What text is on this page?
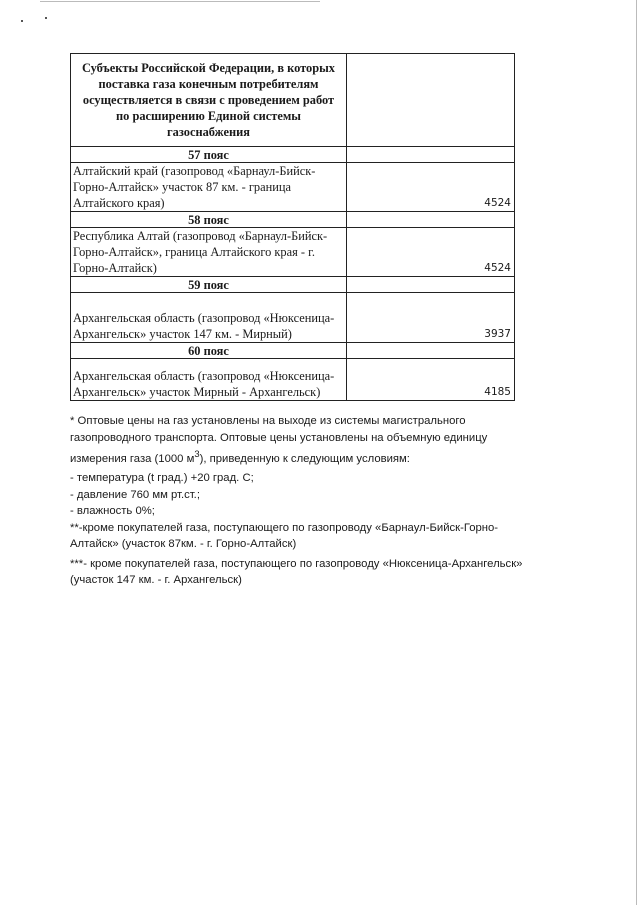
Субъекты Российской Федерации, в которых поставка газа конечным потребителям осуществляется в связи с проведением работ по расширению Единой системы газоснабжения	
57 пояс	
Алтайский край (газопровод «Барнаул-Бийск-Горно-Алтайск» участок 87 км. - граница Алтайского края)	4524
58 пояс	
Республика Алтай (газопровод «Барнаул-Бийск-Горно-Алтайск», граница Алтайского края - г. Горно-Алтайск)	4524
59 пояс	
Архангельская область (газопровод «Нюксеница-Архангельск» участок 147 км. - Мирный)	3937
60 пояс	
Архангельская область (газопровод «Нюксеница-Архангельск» участок Мирный - Архангельск)	4185

* Оптовые цены на газ установлены на выходе из системы магистрального газопроводного транспорта. Оптовые цены установлены на объемную единицу измерения газа (1000 $м^3$), приведенную к следующим условиям:

- температура (t град.) +20 град. С;

- давление 760 мм рт.ст.;

- влажность 0%;

**-кроме покупателей газа, поступающего по газопроводу «Барнаул-Бийск-Горно-Алтайск» (участок 87км. - г. Горно-Алтайск)

***- кроме покупателей газа, поступающего по газопроводу «Нюксеница-Архангельск» (участок 147 км. - г. Архангельск)
